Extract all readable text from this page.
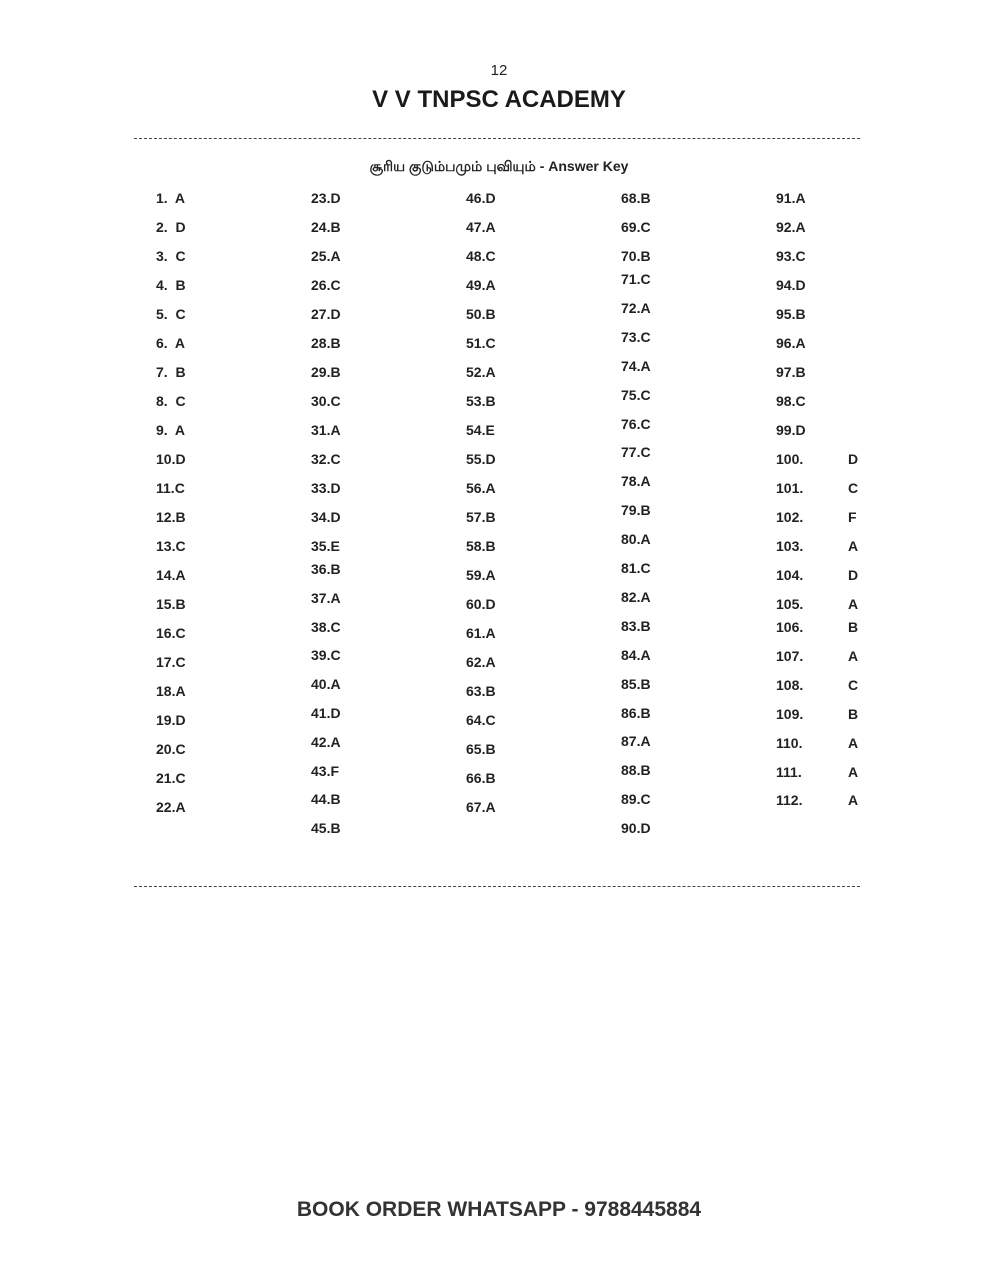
12
V V TNPSC ACADEMY
சூரிய குடும்பமும் புவியும் - Answer Key
1.  A
2.  D
3.  C
4.  B
5.  C
6.  A
7.  B
8.  C
9.  A
10.D
11.C
12.B
13.C
14.A
15.B
16.C
17.C
18.A
19.D
20.C
21.C
22.A
23.D
24.B
25.A
26.C
27.D
28.B
29.B
30.C
31.A
32.C
33.D
34.D
35.E
36.B
37.A
38.C
39.C
40.A
41.D
42.A
43.F
44.B
45.B
46.D
47.A
48.C
49.A
50.B
51.C
52.A
53.B
54.E
55.D
56.A
57.B
58.B
59.A
60.D
61.A
62.A
63.B
64.C
65.B
66.B
67.A
68.B
69.C
70.B
71.C
72.A
73.C
74.A
75.C
76.C
77.C
78.A
79.B
80.A
81.C
82.A
83.B
84.A
85.B
86.B
87.A
88.B
89.C
90.D
91.A
92.A
93.C
94.D
95.B
96.A
97.B
98.C
99.D
100.	D
101.	C
102.	F
103.	A
104.	D
105.	A
106.	B
107.	A
108.	C
109.	B
110.	A
111.	A
112.	A
BOOK ORDER WHATSAPP - 9788445884
